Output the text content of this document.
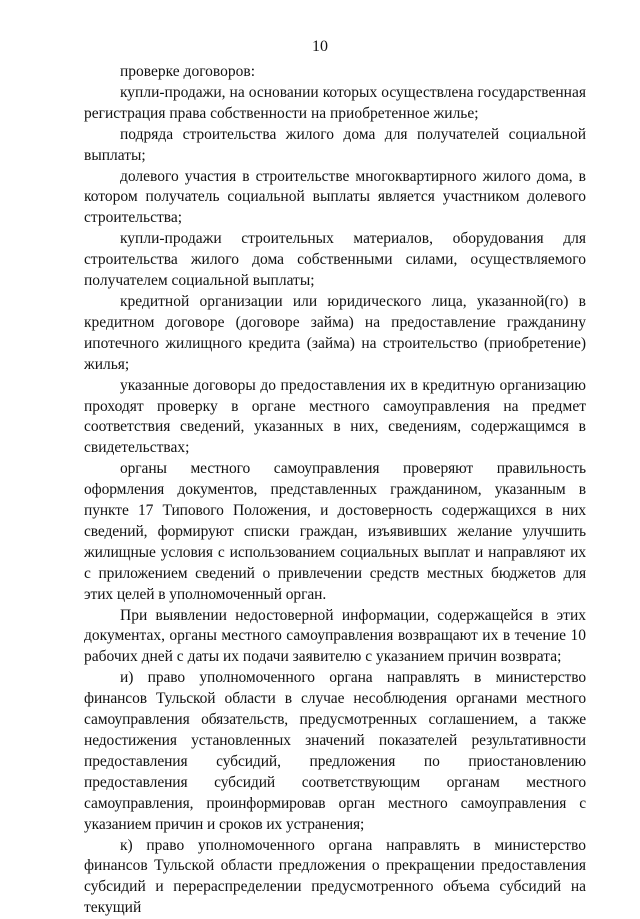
10

проверке договоров:

купли-продажи, на основании которых осуществлена государственная регистрация права собственности на приобретенное жилье;

подряда строительства жилого дома для получателей социальной выплаты;

долевого участия в строительстве многоквартирного жилого дома, в котором получатель социальной выплаты является участником долевого строительства;

купли-продажи строительных материалов, оборудования для строительства жилого дома собственными силами, осуществляемого получателем социальной выплаты;

кредитной организации или юридического лица, указанной(го) в кредитном договоре (договоре займа) на предоставление гражданину ипотечного жилищного кредита (займа) на строительство (приобретение) жилья;

указанные договоры до предоставления их в кредитную организацию проходят проверку в органе местного самоуправления на предмет соответствия сведений, указанных в них, сведениям, содержащимся в свидетельствах;

органы местного самоуправления проверяют правильность оформления документов, представленных гражданином, указанным в пункте 17 Типового Положения, и достоверность содержащихся в них сведений, формируют списки граждан, изъявивших желание улучшить жилищные условия с использованием социальных выплат и направляют их с приложением сведений о привлечении средств местных бюджетов для этих целей в уполномоченный орган.

При выявлении недостоверной информации, содержащейся в этих документах, органы местного самоуправления возвращают их в течение 10 рабочих дней с даты их подачи заявителю с указанием причин возврата;

и) право уполномоченного органа направлять в министерство финансов Тульской области в случае несоблюдения органами местного самоуправления обязательств, предусмотренных соглашением, а также недостижения установленных значений показателей результативности предоставления субсидий, предложения по приостановлению предоставления субсидий соответствующим органам местного самоуправления, проинформировав орган местного самоуправления с указанием причин и сроков их устранения;

к) право уполномоченного органа направлять в министерство финансов Тульской области предложения о прекращении предоставления субсидий и перераспределении предусмотренного объема субсидий на текущий
